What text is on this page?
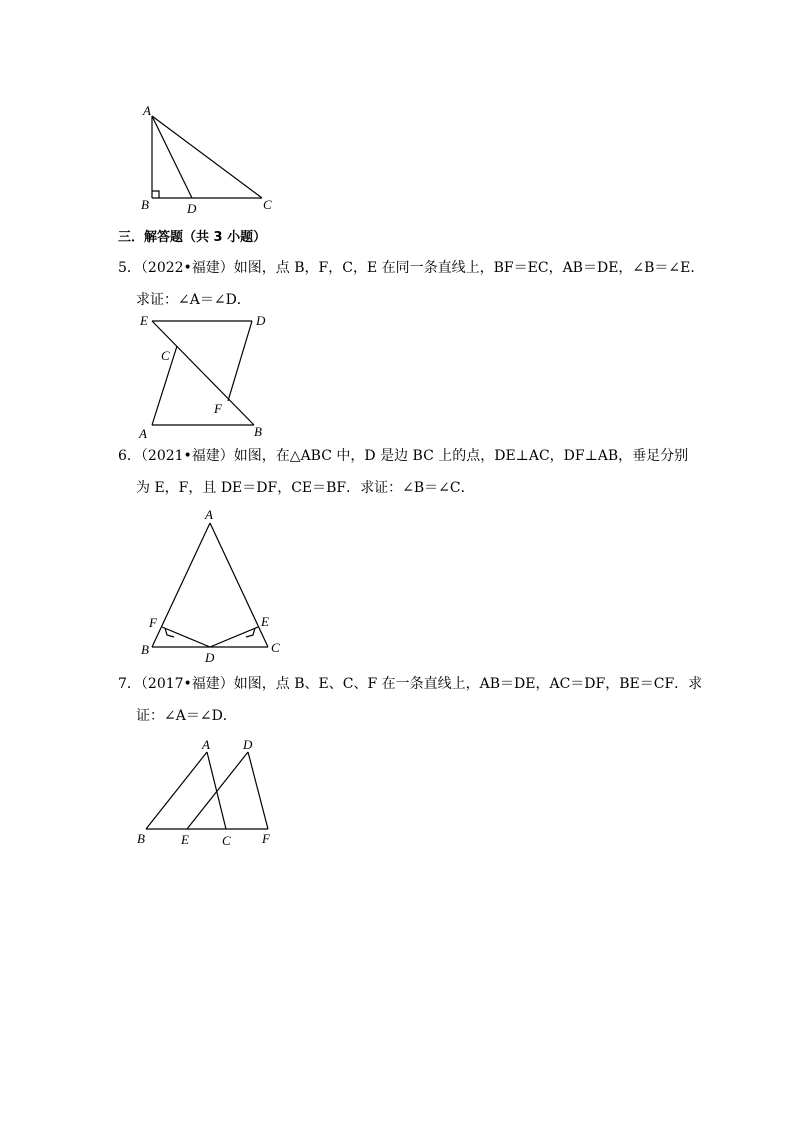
A
B	D	C
三．解答题（共 3 小题）
5．（2022•福建）如图，点 B，F，C，E 在同一条直线上，BF＝EC，AB＝DE，∠B＝∠E．
求证：∠A＝∠D．
E	D
C
F
A	B
6．（2021•福建）如图，在△ABC 中，D 是边 BC 上的点，DE⊥AC，DF⊥AB，垂足分别
为 E，F，且 DE＝DF，CE＝BF．求证：∠B＝∠C．
A
F	E
B	C
D
7．（2017•福建）如图，点 B、E、C、F 在一条直线上，AB＝DE，AC＝DF，BE＝CF．求
证：∠A＝∠D．
A	D
B	E	C F
